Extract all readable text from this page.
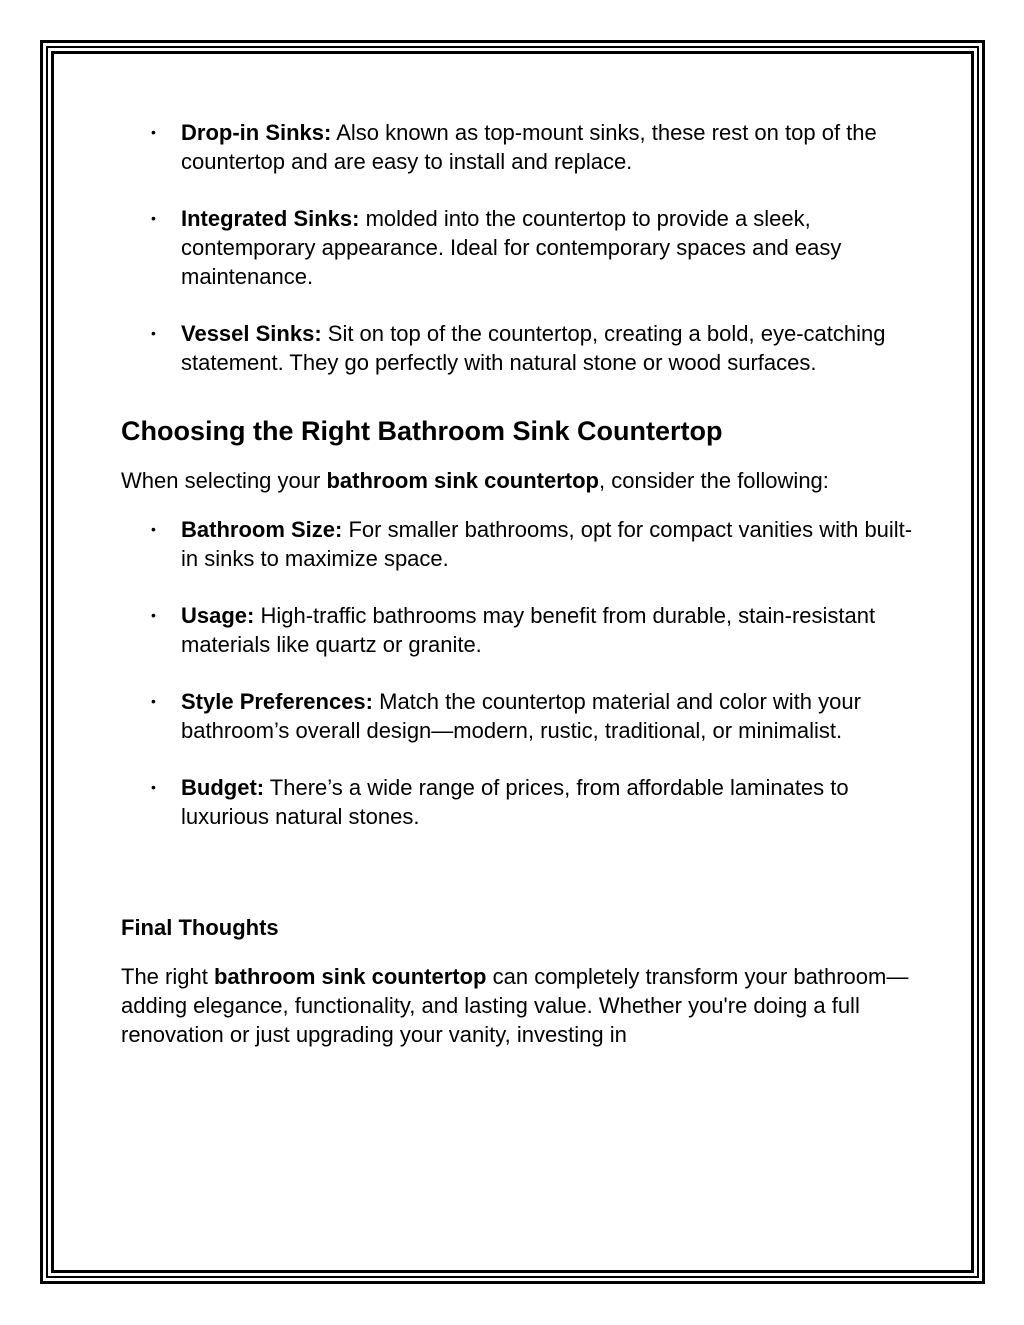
• Drop-in Sinks: Also known as top-mount sinks, these rest on top of the countertop and are easy to install and replace.
• Integrated Sinks: molded into the countertop to provide a sleek, contemporary appearance. Ideal for contemporary spaces and easy maintenance.
• Vessel Sinks: Sit on top of the countertop, creating a bold, eye-catching statement. They go perfectly with natural stone or wood surfaces.
Choosing the Right Bathroom Sink Countertop

When selecting your bathroom sink countertop, consider the following:

• Bathroom Size: For smaller bathrooms, opt for compact vanities with built-in sinks to maximize space.
• Usage: High-traffic bathrooms may benefit from durable, stain-resistant materials like quartz or granite.
• Style Preferences: Match the countertop material and color with your bathroom’s overall design—modern, rustic, traditional, or minimalist.
• Budget: There’s a wide range of prices, from affordable laminates to luxurious natural stones.
Final Thoughts

The right bathroom sink countertop can completely transform your bathroom—adding elegance, functionality, and lasting value. Whether you're doing a full renovation or just upgrading your vanity, investing in
